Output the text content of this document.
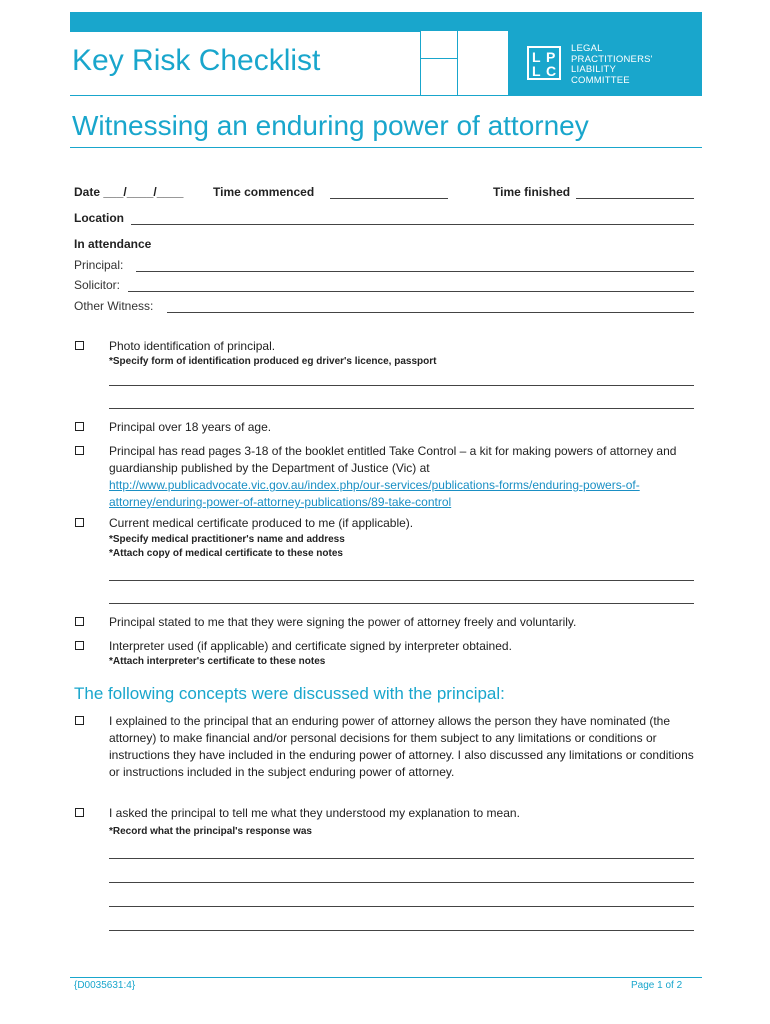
Key Risk Checklist	L P
L C
LEGAL
PRACTITIONERS'
LIABILITY
COMMITTEE
Witnessing an enduring power of attorney
Date ___/____/____ Time commenced	Time finished
Location
In attendance
Principal:
Solicitor:
Other Witness:
Photo identification of principal.
*Specify form of identification produced eg driver's licence, passport
Principal over 18 years of age.
Principal has read pages 3-18 of the booklet entitled Take Control – a kit for making powers of attorney and guardianship published by the Department of Justice (Vic) at http://www.publicadvocate.vic.gov.au/index.php/our-services/publications-forms/enduring-powers-of-attorney/enduring-power-of-attorney-publications/89-take-control
Current medical certificate produced to me (if applicable).
*Specify medical practitioner's name and address
*Attach copy of medical certificate to these notes
Principal stated to me that they were signing the power of attorney freely and voluntarily.
Interpreter used (if applicable) and certificate signed by interpreter obtained.
*Attach interpreter's certificate to these notes
The following concepts were discussed with the principal:
I explained to the principal that an enduring power of attorney allows the person they have nominated (the attorney) to make financial and/or personal decisions for them subject to any limitations or conditions or instructions they have included in the enduring power of attorney. I also discussed any limitations or conditions or instructions included in the subject enduring power of attorney.
I asked the principal to tell me what they understood my explanation to mean.
*Record what the principal's response was
{D0035631:4}	Page 1 of 2
